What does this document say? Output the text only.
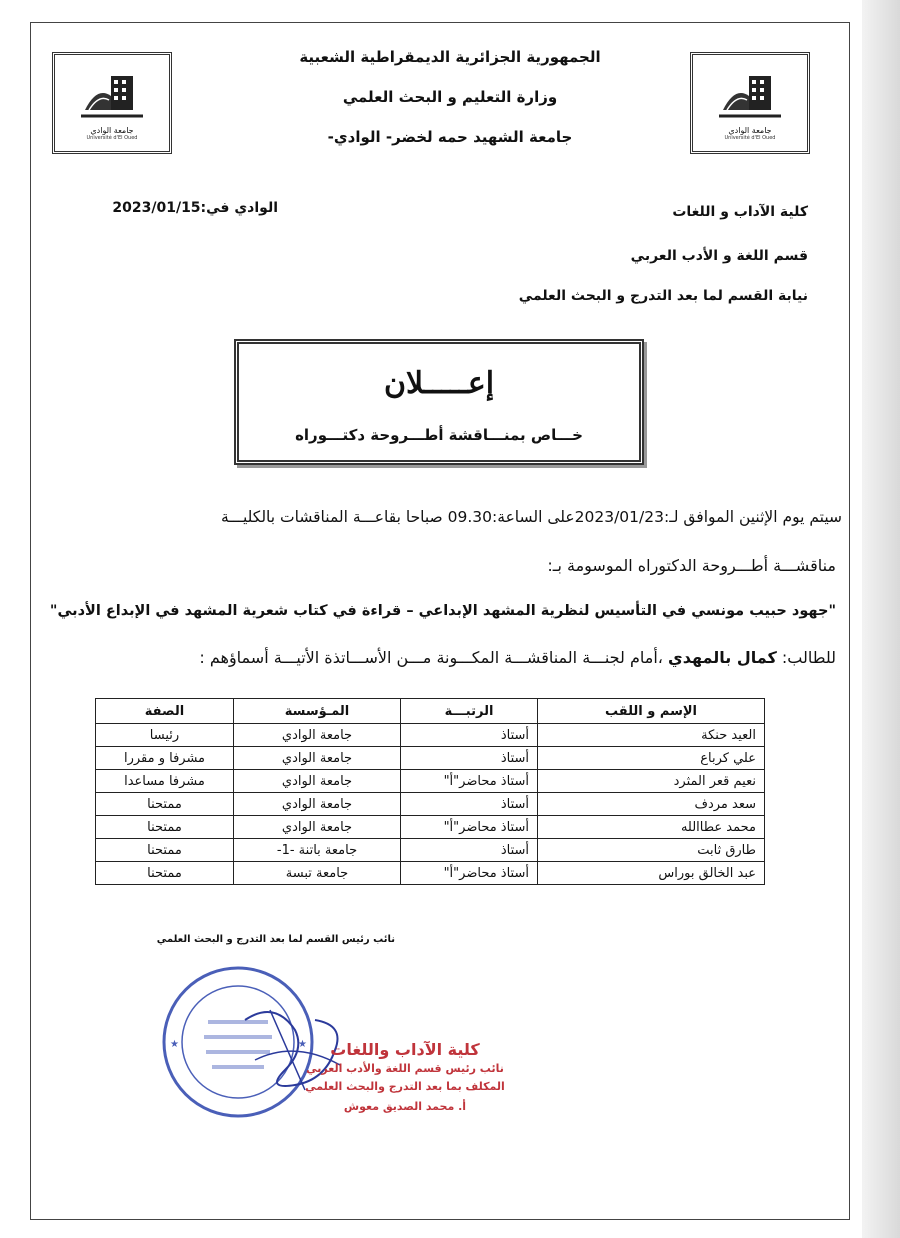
جامعة الوادي
Université d'El Oued
جامعة الوادي
Université d'El Oued
الجمهورية الجزائرية الديمقراطية الشعبية
وزارة التعليم و البحث العلمي
جامعة الشهيد حمه لخضر- الوادي-
الوادي في:2023/01/15	كلية الآداب و اللغات
قسم اللغة و الأدب العربي
نيابة القسم لما بعد التدرج و البحث العلمي
إعـــــلان
خـــاص بمنـــاقشة أطـــروحة دكتـــوراه
سيتم يوم الإثنين الموافق لـ:2023/01/23على الساعة:09.30 صباحا بقاعـــة المناقشات بالكليـــة
مناقشـــة أطـــروحة الدكتوراه الموسومة بـ:
"جهود حبيب مونسي في التأسيس لنظرية المشهد الإبداعي – قراءة في كتاب شعرية المشهد في الإبداع الأدبي"
للطالب: كمال بالمهدي ،أمام لجنـــة المناقشـــة المكـــونة مـــن الأســـاتذة الأتيـــة أسماؤهم :
الإسم و اللقب	الرتبـــة	المـؤسسة	الصفة
العيد حنكة	أستاذ	جامعة الوادي	رئيسا
علي كرباع	أستاذ	جامعة الوادي	مشرفا و مقررا
نعيم قعر المثرد	أستاذ محاضر"أ"	جامعة الوادي	مشرفا مساعدا
سعد مردف	أستاذ	جامعة الوادي	ممتحنا
محمد عطاالله	أستاذ محاضر"أ"	جامعة الوادي	ممتحنا
طارق ثابت	أستاذ	جامعة باتنة -1-	ممتحنا
عبد الخالق بوراس	أستاذ محاضر"أ"	جامعة تبسة	ممتحنا
نائب رئيس القسم لما بعد التدرج و البحث العلمي
★	★	كلية الآداب واللغات
نائب رئيس قسم اللغة والأدب العربي
المكلف بما بعد التدرج والبحث العلمي
أ. محمد الصديق معوش
